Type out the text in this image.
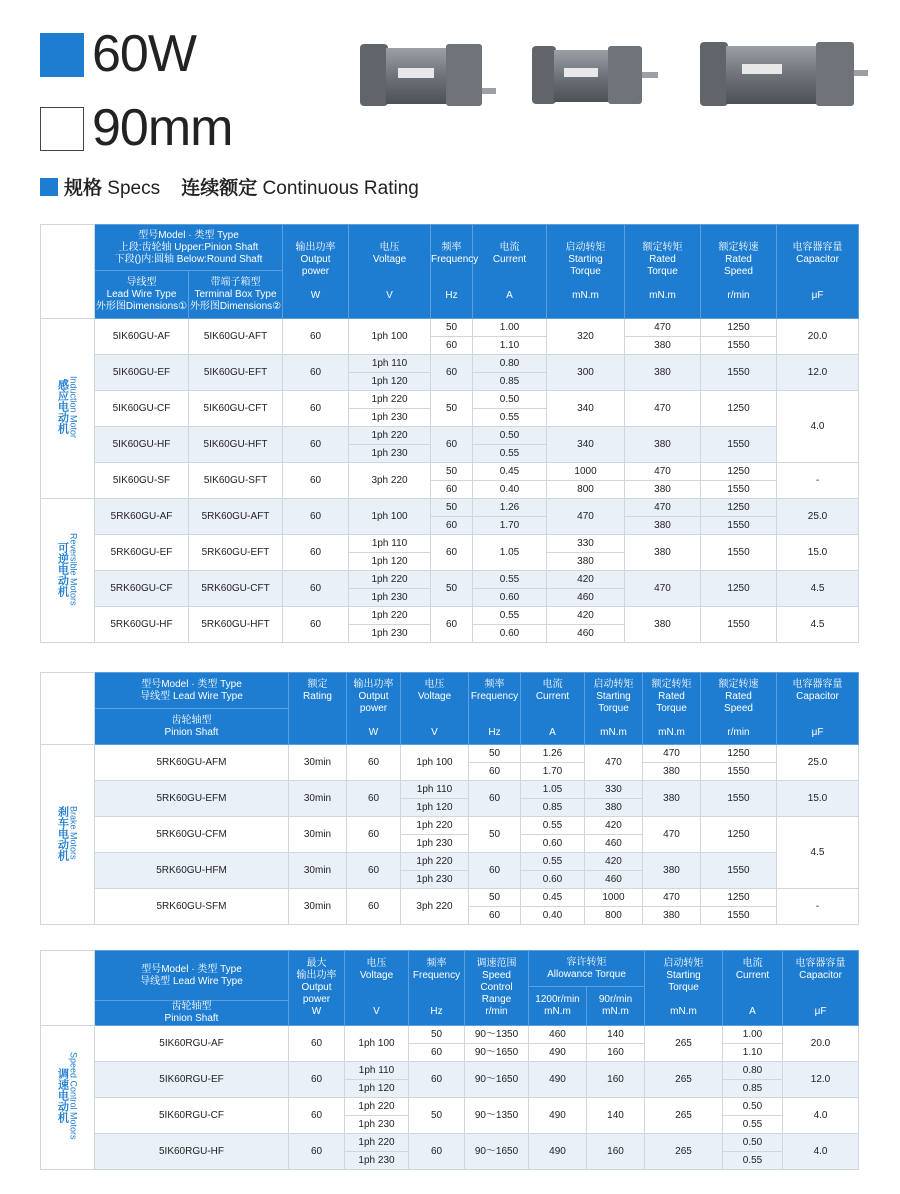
60W
90mm
规格 Specs 连续额定 Continuous Rating
	型号Model · 类型 Type
上段:齿轮轴 Upper:Pinion Shaft
下段()内:圆轴 Below:Round Shaft		输出功率
Output
power

W	电压
Voltage

V	频率
Frequency

Hz	电流
Current

A	启动转矩
Starting
Torque

mN.m	额定转矩
Rated
Torque

mN.m	额定转速
Rated
Speed

r/min	电容器容量
Capacitor

μF
	导线型
Lead Wire Type
外形图Dimensions①	带端子箱型
Terminal Box Type
外形图Dimensions②								
Induction Motor
感应电动机	5IK60GU-AF	5IK60GU-AFT	60	1ph 100	50	1.00	320	470	1250	20.0
					60	1.10		380	1550	
	5IK60GU-EF	5IK60GU-EFT	60	1ph 110	60	0.80	300	380	1550	12.0
				1ph 120		0.85				
	5IK60GU-CF	5IK60GU-CFT	60	1ph 220	50	0.50	340	470	1250	4.0
				1ph 230		0.55				
	5IK60GU-HF	5IK60GU-HFT	60	1ph 220	60	0.50	340	380	1550	
				1ph 230		0.55				
	5IK60GU-SF	5IK60GU-SFT	60	3ph 220	50	0.45	1000	470	1250	-
					60	0.40	800	380	1550	
Reversible Motors
可逆电动机	5RK60GU-AF	5RK60GU-AFT	60	1ph 100	50	1.26	470	470	1250	25.0
					60	1.70		380	1550	
	5RK60GU-EF	5RK60GU-EFT	60	1ph 110	60	1.05	330	380	1550	15.0
				1ph 120			380			
	5RK60GU-CF	5RK60GU-CFT	60	1ph 220	50	0.55	420	470	1250	4.5
				1ph 230		0.60	460			
	5RK60GU-HF	5RK60GU-HFT	60	1ph 220	60	0.55	420	380	1550	4.5
				1ph 230		0.60	460			
	型号Model · 类型 Type
导线型 Lead Wire Type	额定
Rating	输出功率
Output
power

W	电压
Voltage

V	频率
Frequency

Hz	电流
Current

A	启动转矩
Starting
Torque

mN.m	额定转矩
Rated
Torque

mN.m	额定转速
Rated
Speed

r/min	电容器容量
Capacitor

μF
	齿轮轴型
Pinion Shaft									
Brake Motors
刹车电动机	5RK60GU-AFM	30min	60	1ph 100	50	1.26	470	470	1250	25.0
					60	1.70		380	1550	
	5RK60GU-EFM	30min	60	1ph 110	60	1.05	330	380	1550	15.0
				1ph 120		0.85	380			
	5RK60GU-CFM	30min	60	1ph 220	50	0.55	420	470	1250	4.5
				1ph 230		0.60	460			
	5RK60GU-HFM	30min	60	1ph 220	60	0.55	420	380	1550	
				1ph 230		0.60	460			
	5RK60GU-SFM	30min	60	3ph 220	50	0.45	1000	470	1250	-
					60	0.40	800	380	1550	
	型号Model · 类型 Type
导线型 Lead Wire Type	最大
输出功率
Output
power
W	电压
Voltage

V	频率
Frequency

Hz	调速范围
Speed
Control
Range
r/min	容许转矩
Allowance Torque		启动转矩
Starting
Torque

mN.m	电流
Current

A	电容器容量
Capacitor

μF
						1200r/min
mN.m	90r/min
mN.m			
	齿轮轴型
Pinion Shaft									
Speed Control Motors
调速电动机	5IK60RGU-AF	60	1ph 100	50	90～1350	460	140	265	1.00	20.0
				60	90～1650	490	160		1.10	
	5IK60RGU-EF	60	1ph 110	60	90～1650	490	160	265	0.80	12.0
			1ph 120						0.85	
	5IK60RGU-CF	60	1ph 220	50	90～1350	490	140	265	0.50	4.0
			1ph 230						0.55	
	5IK60RGU-HF	60	1ph 220	60	90～1650	490	160	265	0.50	4.0
			1ph 230						0.55	
